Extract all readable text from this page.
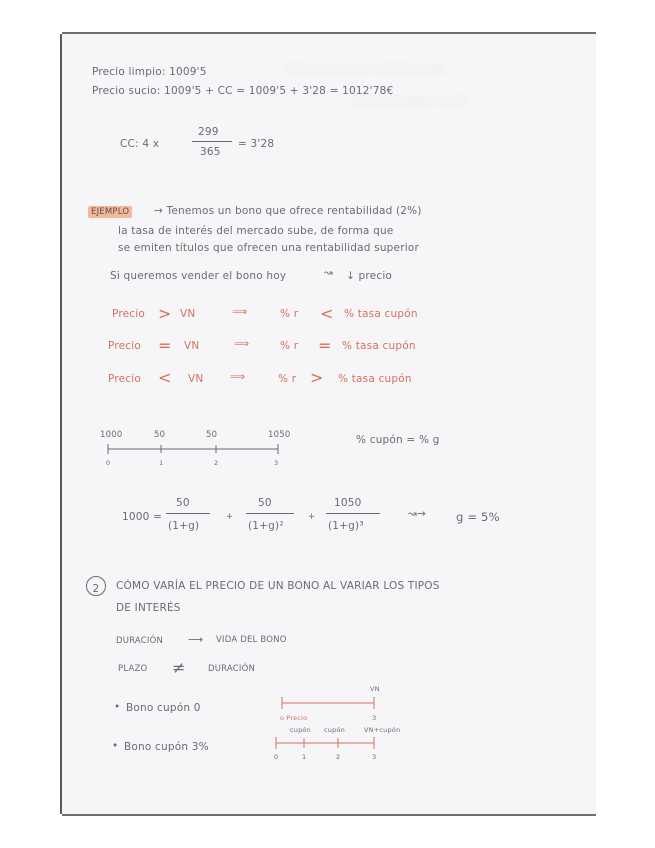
░░░░░░░░░░░░░░░░░░░░░
░░░░░░░░░░░░░░░
Precio limpio: 1009'5
Precio sucio: 1009'5 + CC = 1009'5 + 3'28 = 1012'78€
CC: 4 x
299
365
= 3'28
EJEMPLO → Tenemos un bono que ofrece rentabilidad (2%)
la tasa de interés del mercado sube, de forma que
se emiten títulos que ofrecen una rentabilidad superior
Si queremos vender el bono hoy	↝ ↓ precio
Precio > VN	⟹	% r < % tasa cupón
Precio = VN	⟹	% r = % tasa cupón
Precio < VN	⟹	% r > % tasa cupón
1000	50	50	1050
0	1	2	3
% cupón = % g
1000 =
50
(1+g)
+
50
(1+g)²
+
1050
(1+g)³
↝→	g = 5%
2	CÓMO VARÍA EL PRECIO DE UN BONO AL VARIAR LOS TIPOS
DE INTERÉS
DURACIÓN ⟶ VIDA DEL BONO
PLAZO ≠	DURACIÓN
• Bono cupón 0
VN
o Precio	3
• Bono cupón 3%
cupón cupón	VN+cupón
0	1	2	3
